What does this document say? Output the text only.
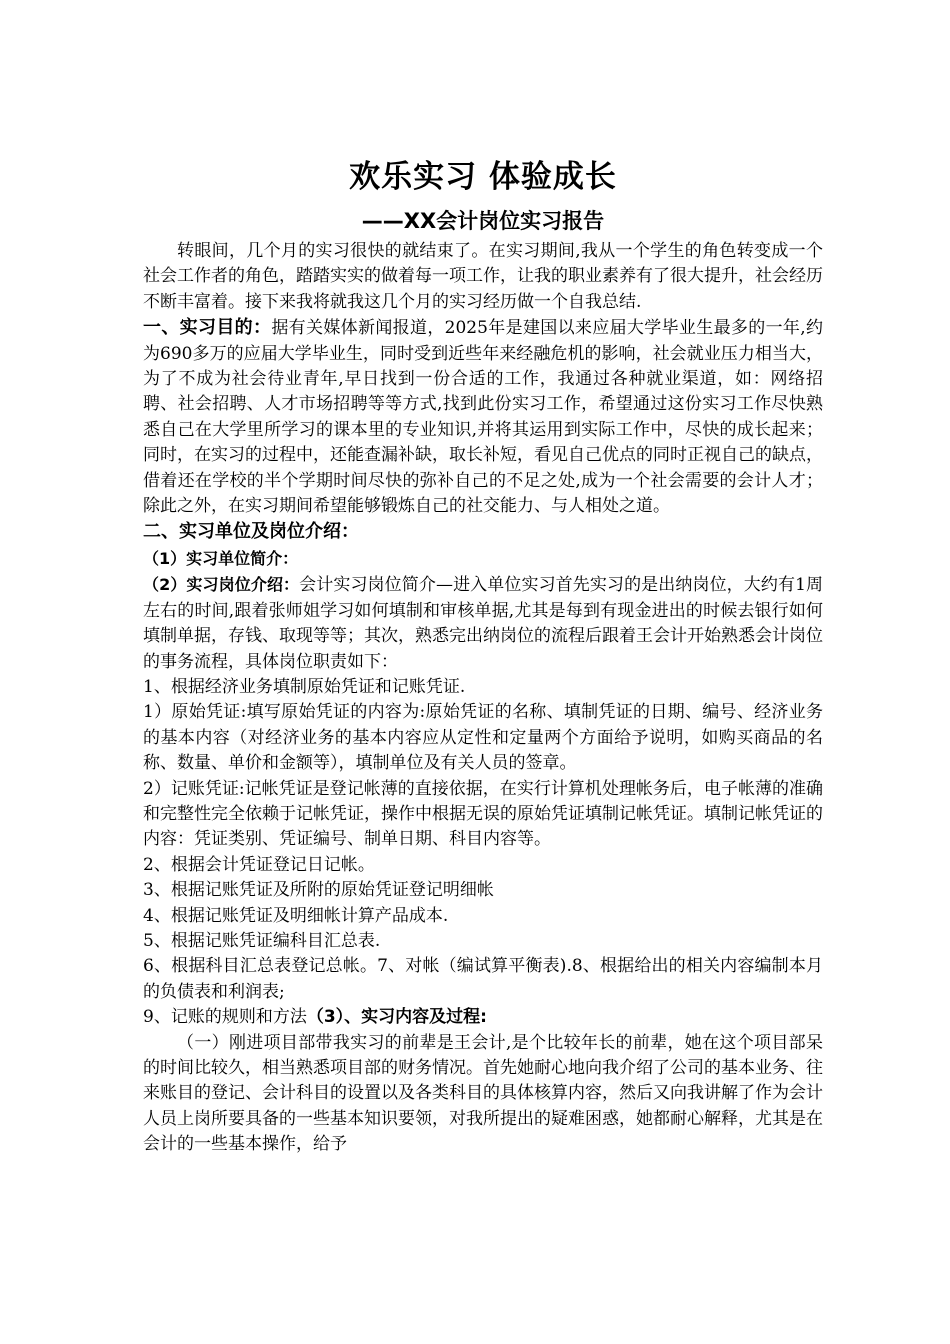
欢乐实习 体验成长
——XX会计岗位实习报告

转眼间，几个月的实习很快的就结束了。在实习期间,我从一个学生的角色转变成一个社会工作者的角色，踏踏实实的做着每一项工作，让我的职业素养有了很大提升，社会经历不断丰富着。接下来我将就我这几个月的实习经历做一个自我总结.

一、实习目的：据有关媒体新闻报道，2025年是建国以来应届大学毕业生最多的一年,约为690多万的应届大学毕业生，同时受到近些年来经融危机的影响，社会就业压力相当大，为了不成为社会待业青年,早日找到一份合适的工作，我通过各种就业渠道，如：网络招聘、社会招聘、人才市场招聘等等方式,找到此份实习工作，希望通过这份实习工作尽快熟悉自己在大学里所学习的课本里的专业知识,并将其运用到实际工作中，尽快的成长起来；同时，在实习的过程中，还能查漏补缺，取长补短，看见自己优点的同时正视自己的缺点，借着还在学校的半个学期时间尽快的弥补自己的不足之处,成为一个社会需要的会计人才；除此之外，在实习期间希望能够锻炼自己的社交能力、与人相处之道。

二、实习单位及岗位介绍：

（1）实习单位简介：

（2）实习岗位介绍：会计实习岗位简介—进入单位实习首先实习的是出纳岗位，大约有1周左右的时间,跟着张师姐学习如何填制和审核单据,尤其是每到有现金进出的时候去银行如何填制单据，存钱、取现等等；其次，熟悉完出纳岗位的流程后跟着王会计开始熟悉会计岗位的事务流程，具体岗位职责如下：

1、根据经济业务填制原始凭证和记账凭证.

1）原始凭证:填写原始凭证的内容为:原始凭证的名称、填制凭证的日期、编号、经济业务的基本内容（对经济业务的基本内容应从定性和定量两个方面给予说明，如购买商品的名称、数量、单价和金额等），填制单位及有关人员的签章。

2）记账凭证:记帐凭证是登记帐薄的直接依据，在实行计算机处理帐务后，电子帐薄的准确和完整性完全依赖于记帐凭证，操作中根据无误的原始凭证填制记帐凭证。填制记帐凭证的内容：凭证类别、凭证编号、制单日期、科目内容等。

2、根据会计凭证登记日记帐。

3、根据记账凭证及所附的原始凭证登记明细帐

4、根据记账凭证及明细帐计算产品成本.

5、根据记账凭证编科目汇总表.

6、根据科目汇总表登记总帐。7、对帐（编试算平衡表).8、根据给出的相关内容编制本月的负债表和利润表;

9、记账的规则和方法（3）、实习内容及过程:

（一）刚进项目部带我实习的前辈是王会计,是个比较年长的前辈，她在这个项目部呆的时间比较久，相当熟悉项目部的财务情况。首先她耐心地向我介绍了公司的基本业务、往来账目的登记、会计科目的设置以及各类科目的具体核算内容，然后又向我讲解了作为会计人员上岗所要具备的一些基本知识要领，对我所提出的疑难困惑，她都耐心解释，尤其是在会计的一些基本操作，给予
